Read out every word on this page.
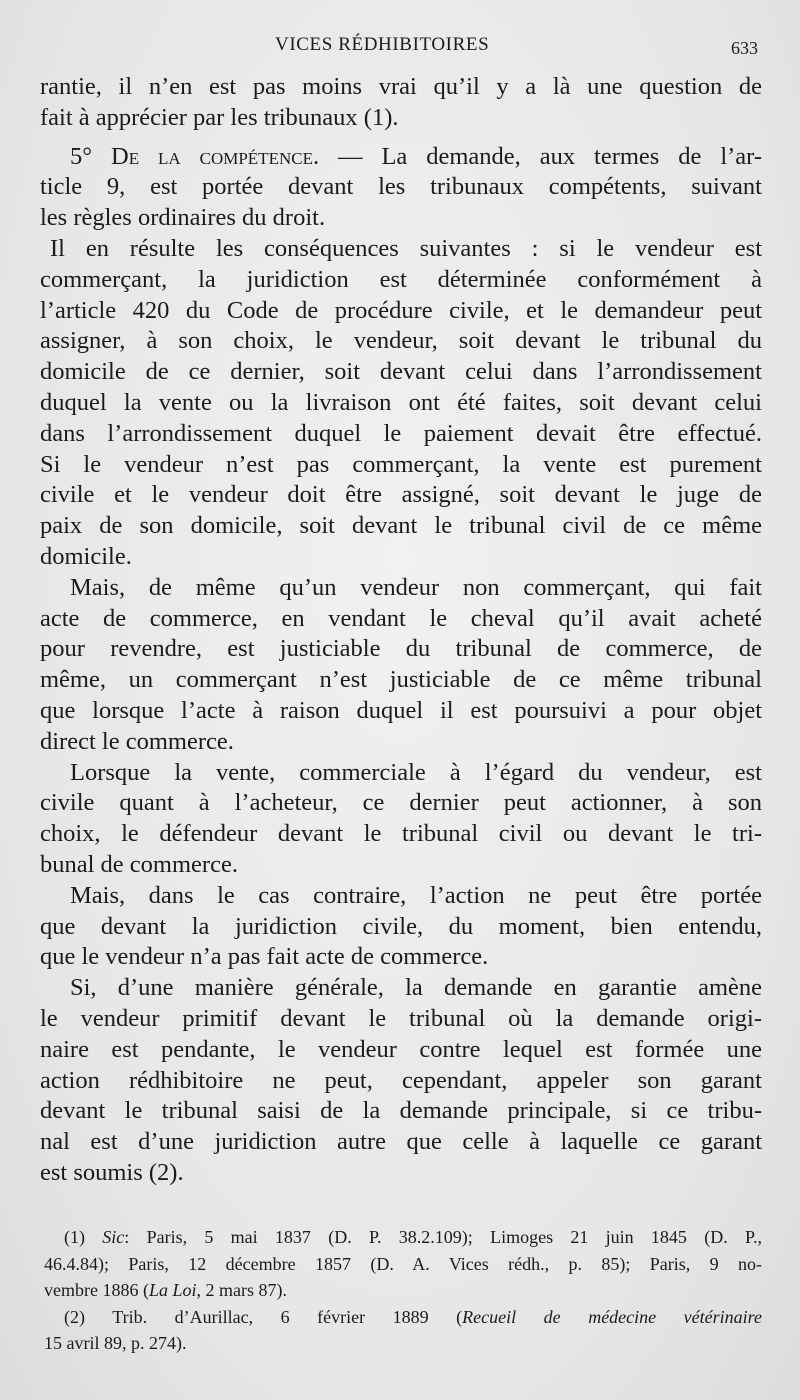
VICES RÉDHIBITOIRES	633
rantie, il n’en est pas moins vrai qu’il y a là une question de
fait à apprécier par les tribunaux (1).
5° De la compétence. — La demande, aux termes de l’ar-
ticle 9, est portée devant les tribunaux compétents, suivant
les règles ordinaires du droit.
Il en résulte les conséquences suivantes : si le vendeur est
commerçant, la juridiction est déterminée conformément à
l’article 420 du Code de procédure civile, et le demandeur peut
assigner, à son choix, le vendeur, soit devant le tribunal du
domicile de ce dernier, soit devant celui dans l’arrondissement
duquel la vente ou la livraison ont été faites, soit devant celui
dans l’arrondissement duquel le paiement devait être effectué.
Si le vendeur n’est pas commerçant, la vente est purement
civile et le vendeur doit être assigné, soit devant le juge de
paix de son domicile, soit devant le tribunal civil de ce même
domicile.
Mais, de même qu’un vendeur non commerçant, qui fait
acte de commerce, en vendant le cheval qu’il avait acheté
pour revendre, est justiciable du tribunal de commerce, de
même, un commerçant n’est justiciable de ce même tribunal
que lorsque l’acte à raison duquel il est poursuivi a pour objet
direct le commerce.
Lorsque la vente, commerciale à l’égard du vendeur, est
civile quant à l’acheteur, ce dernier peut actionner, à son
choix, le défendeur devant le tribunal civil ou devant le tri-
bunal de commerce.
Mais, dans le cas contraire, l’action ne peut être portée
que devant la juridiction civile, du moment, bien entendu,
que le vendeur n’a pas fait acte de commerce.
Si, d’une manière générale, la demande en garantie amène
le vendeur primitif devant le tribunal où la demande origi-
naire est pendante, le vendeur contre lequel est formée une
action rédhibitoire ne peut, cependant, appeler son garant
devant le tribunal saisi de la demande principale, si ce tribu-
nal est d’une juridiction autre que celle à laquelle ce garant
est soumis (2).
(1) Sic: Paris, 5 mai 1837 (D. P. 38.2.109); Limoges 21 juin 1845 (D. P.,
46.4.84); Paris, 12 décembre 1857 (D. A. Vices rédh., p. 85); Paris, 9 no-
vembre 1886 (La Loi, 2 mars 87).
(2) Trib. d’Aurillac, 6 février 1889 (Recueil de médecine vétérinaire
15 avril 89, p. 274).
